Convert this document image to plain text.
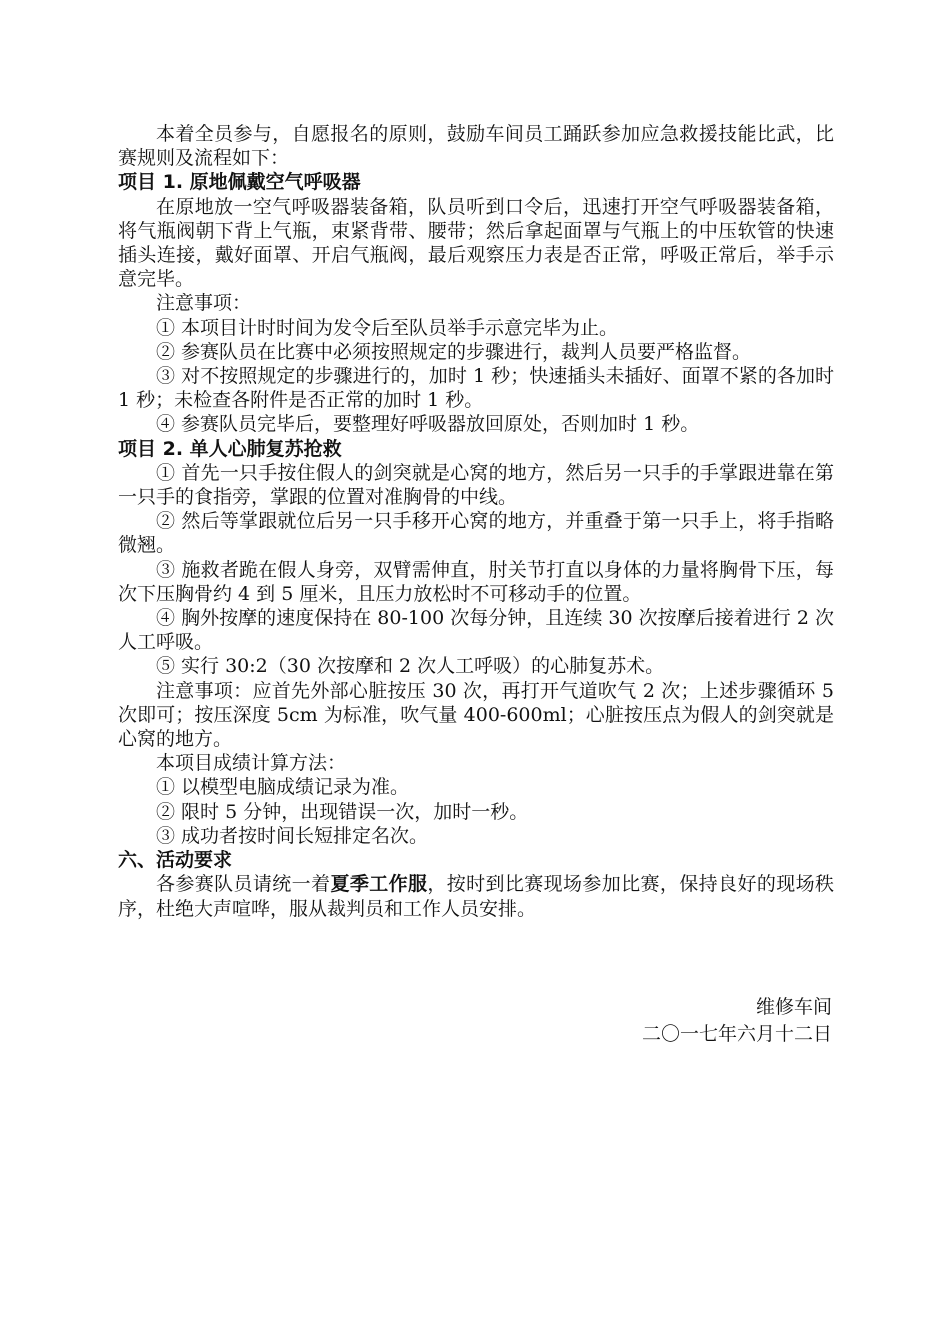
本着全员参与，自愿报名的原则，鼓励车间员工踊跃参加应急救援技能比武，比赛规则及流程如下：

项目 1. 原地佩戴空气呼吸器

在原地放一空气呼吸器装备箱，队员听到口令后，迅速打开空气呼吸器装备箱，将气瓶阀朝下背上气瓶，束紧背带、腰带；然后拿起面罩与气瓶上的中压软管的快速插头连接，戴好面罩、开启气瓶阀，最后观察压力表是否正常，呼吸正常后，举手示意完毕。

注意事项：

① 本项目计时时间为发令后至队员举手示意完毕为止。

② 参赛队员在比赛中必须按照规定的步骤进行，裁判人员要严格监督。

③ 对不按照规定的步骤进行的，加时 1 秒；快速插头未插好、面罩不紧的各加时 1 秒；未检查各附件是否正常的加时 1 秒。

④ 参赛队员完毕后，要整理好呼吸器放回原处，否则加时 1 秒。

项目 2. 单人心肺复苏抢救

① 首先一只手按住假人的剑突就是心窝的地方，然后另一只手的手掌跟进靠在第一只手的食指旁，掌跟的位置对准胸骨的中线。

② 然后等掌跟就位后另一只手移开心窝的地方，并重叠于第一只手上，将手指略微翘。

③ 施救者跪在假人身旁，双臂需伸直，肘关节打直以身体的力量将胸骨下压，每次下压胸骨约 4 到 5 厘米，且压力放松时不可移动手的位置。

④ 胸外按摩的速度保持在 80-100 次每分钟，且连续 30 次按摩后接着进行 2 次人工呼吸。

⑤ 实行 30:2（30 次按摩和 2 次人工呼吸）的心肺复苏术。

注意事项：应首先外部心脏按压 30 次，再打开气道吹气 2 次；上述步骤循环 5 次即可；按压深度 5cm 为标准，吹气量 400-600ml；心脏按压点为假人的剑突就是心窝的地方。

本项目成绩计算方法：

① 以模型电脑成绩记录为准。

② 限时 5 分钟，出现错误一次，加时一秒。

③ 成功者按时间长短排定名次。

六、活动要求

各参赛队员请统一着夏季工作服，按时到比赛现场参加比赛，保持良好的现场秩序，杜绝大声喧哗，服从裁判员和工作人员安排。

维修车间
二〇一七年六月十二日
